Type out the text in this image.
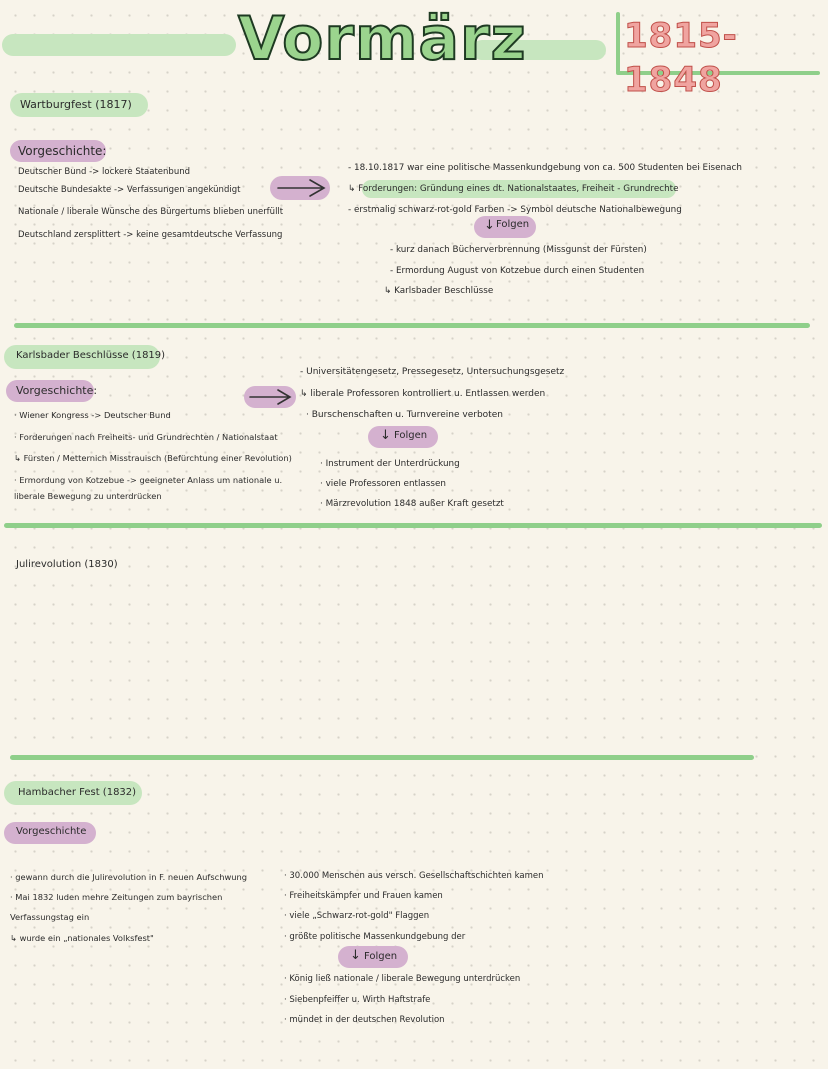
Vormärz	1815-1848
Wartburgfest (1817)
Vorgeschichte:
Deutscher Bund -> lockere Staatenbund
Deutsche Bundesakte -> Verfassungen angekündigt
Nationale / liberale Wünsche des Bürgertums blieben unerfüllt
Deutschland zersplittert -> keine gesamtdeutsche Verfassung
- 18.10.1817 war eine politische Massenkundgebung von ca. 500 Studenten bei Eisenach
↳ Forderungen: Gründung eines dt. Nationalstaates, Freiheit - Grundrechte
- erstmalig schwarz-rot-gold Farben -> Symbol deutsche Nationalbewegung
Folgen
↓
- kurz danach Bücherverbrennung (Missgunst der Fürsten)
- Ermordung August von Kotzebue durch einen Studenten
↳ Karlsbader Beschlüsse
Karlsbader Beschlüsse (1819)
Vorgeschichte:
· Wiener Kongress -> Deutscher Bund
· Forderungen nach Freiheits- und Grundrechten / Nationalstaat
↳ Fürsten / Metternich Misstrauisch (Befürchtung einer Revolution)
· Ermordung von Kotzebue -> geeigneter Anlass um nationale u.
liberale Bewegung zu unterdrücken
- Universitätengesetz, Pressegesetz, Untersuchungsgesetz
↳ liberale Professoren kontrolliert u. Entlassen werden
· Burschenschaften u. Turnvereine verboten
↓ Folgen
· Instrument der Unterdrückung
· viele Professoren entlassen
· Märzrevolution 1848 außer Kraft gesetzt
Julirevolution (1830)
Hambacher Fest (1832)
Vorgeschichte
· gewann durch die Julirevolution in F. neuen Aufschwung
· Mai 1832 luden mehre Zeitungen zum bayrischen
Verfassungstag ein
↳ wurde ein „nationales Volksfest"
· 30.000 Menschen aus versch. Gesellschaftschichten kamen
· Freiheitskämpfer und Frauen kamen
· viele „Schwarz-rot-gold" Flaggen
· größte politische Massenkundgebung der
↓ Folgen
· König ließ nationale / liberale Bewegung unterdrücken
· Siebenpfeiffer u. Wirth Haftstrafe
· mündet in der deutschen Revolution
